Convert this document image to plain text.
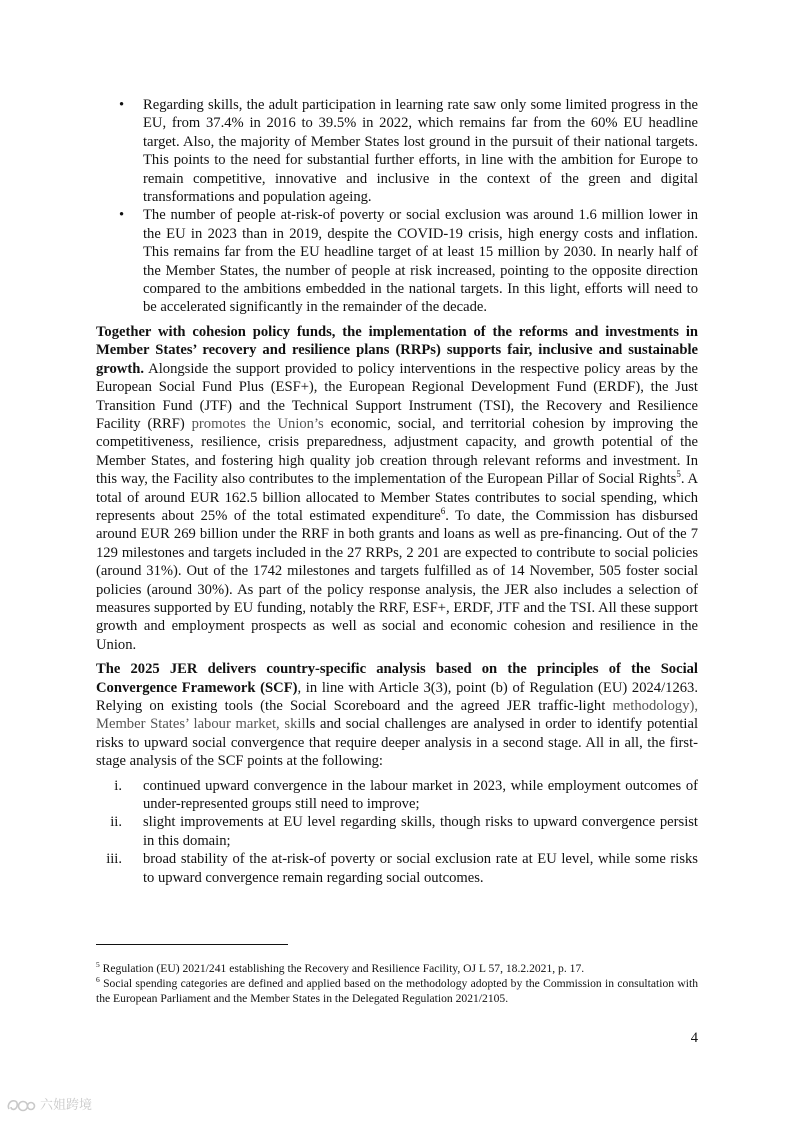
• Regarding skills, the adult participation in learning rate saw only some limited progress in the EU, from 37.4% in 2016 to 39.5% in 2022, which remains far from the 60% EU headline target. Also, the majority of Member States lost ground in the pursuit of their national targets. This points to the need for substantial further efforts, in line with the ambition for Europe to remain competitive, innovative and inclusive in the context of the green and digital transformations and population ageing.
• The number of people at-risk-of poverty or social exclusion was around 1.6 million lower in the EU in 2023 than in 2019, despite the COVID-19 crisis, high energy costs and inflation. This remains far from the EU headline target of at least 15 million by 2030. In nearly half of the Member States, the number of people at risk increased, pointing to the opposite direction compared to the ambitions embedded in the national targets. In this light, efforts will need to be accelerated significantly in the remainder of the decade.

Together with cohesion policy funds, the implementation of the reforms and investments in Member States’ recovery and resilience plans (RRPs) supports fair, inclusive and sustainable growth. Alongside the support provided to policy interventions in the respective policy areas by the European Social Fund Plus (ESF+), the European Regional Development Fund (ERDF), the Just Transition Fund (JTF) and the Technical Support Instrument (TSI), the Recovery and Resilience Facility (RRF) promotes the Union’s economic, social, and territorial cohesion by improving the competitiveness, resilience, crisis preparedness, adjustment capacity, and growth potential of the Member States, and fostering high quality job creation through relevant reforms and investment. In this way, the Facility also contributes to the implementation of the European Pillar of Social Rights$^5$. A total of around EUR 162.5 billion allocated to Member States contributes to social spending, which represents about 25% of the total estimated expenditure$^6$. To date, the Commission has disbursed around EUR 269 billion under the RRF in both grants and loans as well as pre-financing. Out of the 7 129 milestones and targets included in the 27 RRPs, 2 201 are expected to contribute to social policies (around 31%). Out of the 1742 milestones and targets fulfilled as of 14 November, 505 foster social policies (around 30%). As part of the policy response analysis, the JER also includes a selection of measures supported by EU funding, notably the RRF, ESF+, ERDF, JTF and the TSI. All these support growth and employment prospects as well as social and economic cohesion and resilience in the Union.

The 2025 JER delivers country-specific analysis based on the principles of the Social Convergence Framework (SCF), in line with Article 3(3), point (b) of Regulation (EU) 2024/1263. Relying on existing tools (the Social Scoreboard and the agreed JER traffic-light methodology), Member States’ labour market, skills and social challenges are analysed in order to identify potential risks to upward social convergence that require deeper analysis in a second stage. All in all, the first-stage analysis of the SCF points at the following:

i. continued upward convergence in the labour market in 2023, while employment outcomes of under-represented groups still need to improve;
ii. slight improvements at EU level regarding skills, though risks to upward convergence persist in this domain;
iii. broad stability of the at-risk-of poverty or social exclusion rate at EU level, while some risks to upward convergence remain regarding social outcomes.
$^5$ Regulation (EU) 2021/241 establishing the Recovery and Resilience Facility, OJ L 57, 18.2.2021, p. 17.
$^6$ Social spending categories are defined and applied based on the methodology adopted by the Commission in consultation with the European Parliament and the Member States in the Delegated Regulation 2021/2105.
4
六姐跨境
